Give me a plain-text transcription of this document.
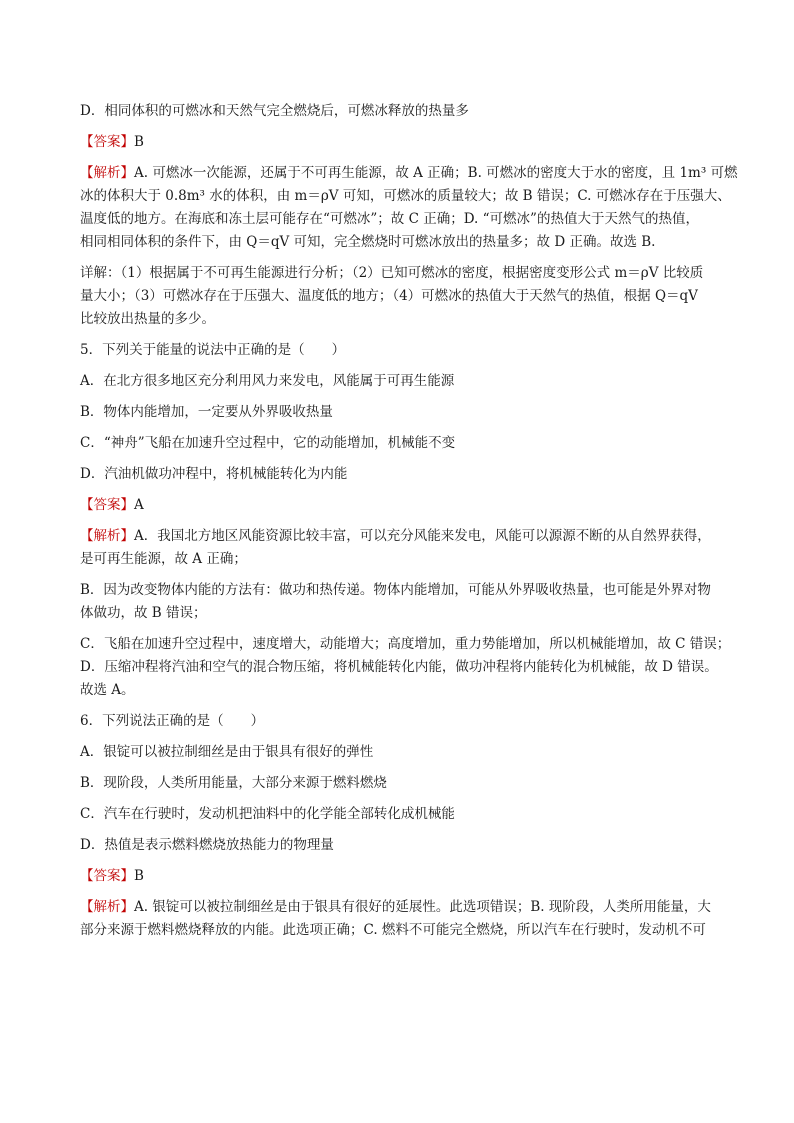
D．相同体积的可燃冰和天然气完全燃烧后，可燃冰释放的热量多

【答案】B

【解析】A. 可燃冰一次能源，还属于不可再生能源，故 A 正确；B. 可燃冰的密度大于水的密度，且 1m³ 可燃

冰的体积大于 0.8m³ 水的体积，由 m＝ρV 可知，可燃冰的质量较大；故 B 错误；C. 可燃冰存在于压强大、

温度低的地方。在海底和冻土层可能存在“可燃冰”；故 C 正确；D. “可燃冰”的热值大于天然气的热值，

相同相同体积的条件下，由 Q＝qV 可知，完全燃烧时可燃冰放出的热量多；故 D 正确。故选 B.

详解：（1）根据属于不可再生能源进行分析；（2）已知可燃冰的密度，根据密度变形公式 m＝ρV 比较质

量大小；（3）可燃冰存在于压强大、温度低的地方；（4）可燃冰的热值大于天然气的热值，根据 Q＝qV

比较放出热量的多少。

5．下列关于能量的说法中正确的是（　　）

A．在北方很多地区充分利用风力来发电，风能属于可再生能源

B．物体内能增加，一定要从外界吸收热量

C．“神舟”飞船在加速升空过程中，它的动能增加，机械能不变

D．汽油机做功冲程中，将机械能转化为内能

【答案】A

【解析】A．我国北方地区风能资源比较丰富，可以充分风能来发电，风能可以源源不断的从自然界获得，

是可再生能源，故 A 正确；

B．因为改变物体内能的方法有：做功和热传递。物体内能增加，可能从外界吸收热量，也可能是外界对物

体做功，故 B 错误；

C．飞船在加速升空过程中，速度增大，动能增大；高度增加，重力势能增加，所以机械能增加，故 C 错误；

D．压缩冲程将汽油和空气的混合物压缩，将机械能转化内能，做功冲程将内能转化为机械能，故 D 错误。

故选 A。

6．下列说法正确的是（　　）

A．银锭可以被拉制细丝是由于银具有很好的弹性

B．现阶段，人类所用能量，大部分来源于燃料燃烧

C．汽车在行驶时，发动机把油料中的化学能全部转化成机械能

D．热值是表示燃料燃烧放热能力的物理量

【答案】B

【解析】A. 银锭可以被拉制细丝是由于银具有很好的延展性。此选项错误；B. 现阶段，人类所用能量，大

部分来源于燃料燃烧释放的内能。此选项正确；C. 燃料不可能完全燃烧，所以汽车在行驶时，发动机不可
